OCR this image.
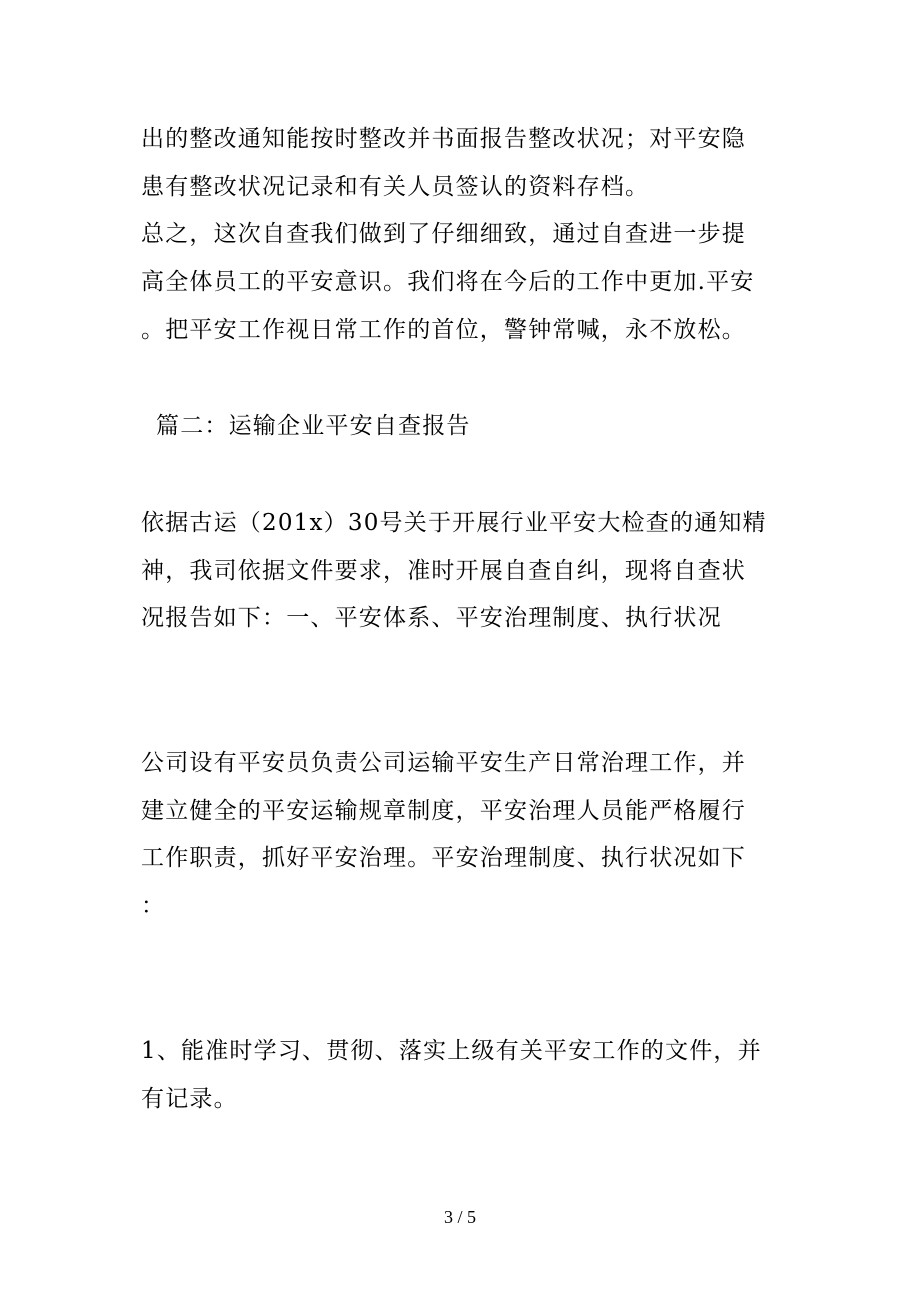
出的整改通知能按时整改并书面报告整改状况；对平安隐
患有整改状况记录和有关人员签认的资料存档。
总之，这次自查我们做到了仔细细致，通过自查进一步提
高全体员工的平安意识。我们将在今后的工作中更加.平安
。把平安工作视日常工作的首位，警钟常喊，永不放松。
篇二：运输企业平安自查报告
依据古运（201x）30号关于开展行业平安大检查的通知精
神，我司依据文件要求，准时开展自查自纠，现将自查状
况报告如下：一、平安体系、平安治理制度、执行状况
公司设有平安员负责公司运输平安生产日常治理工作，并
建立健全的平安运输规章制度，平安治理人员能严格履行
工作职责，抓好平安治理。平安治理制度、执行状况如下
：
1、能准时学习、贯彻、落实上级有关平安工作的文件，并
有记录。
3 / 5
